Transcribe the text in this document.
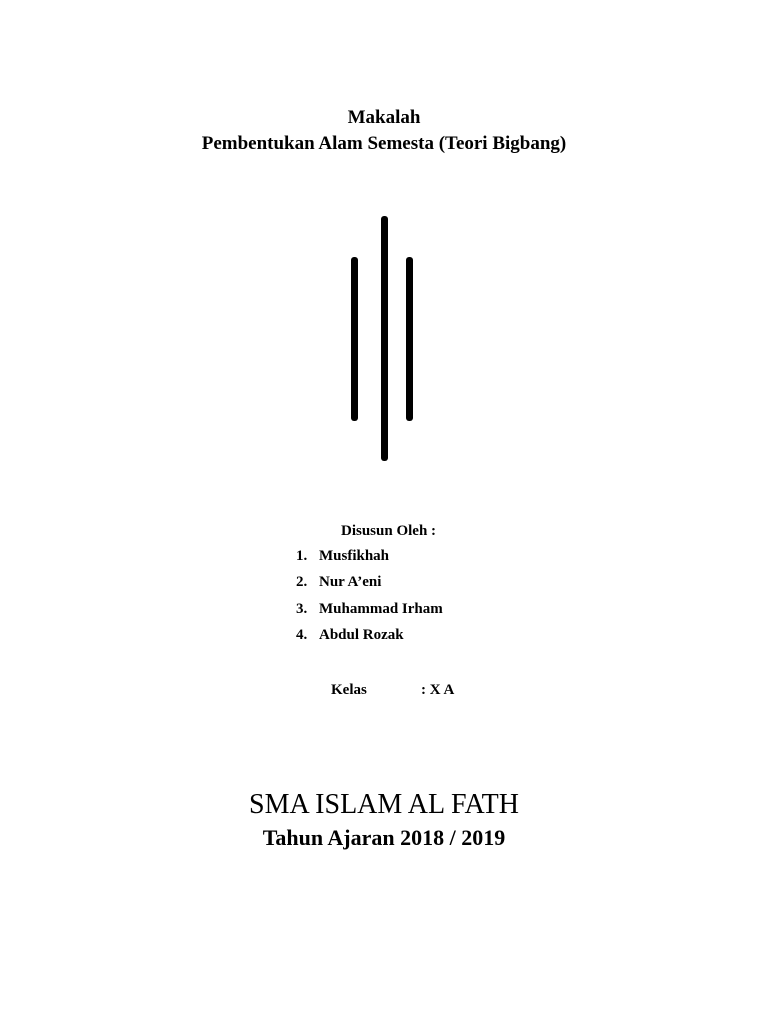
Makalah
Pembentukan Alam Semesta (Teori Bigbang)
Disusun Oleh :
1. Musfikhah
2. Nur A’eni
3. Muhammad Irham
4. Abdul Rozak
Kelas	: X A
SMA ISLAM AL FATH
Tahun Ajaran 2018 / 2019
